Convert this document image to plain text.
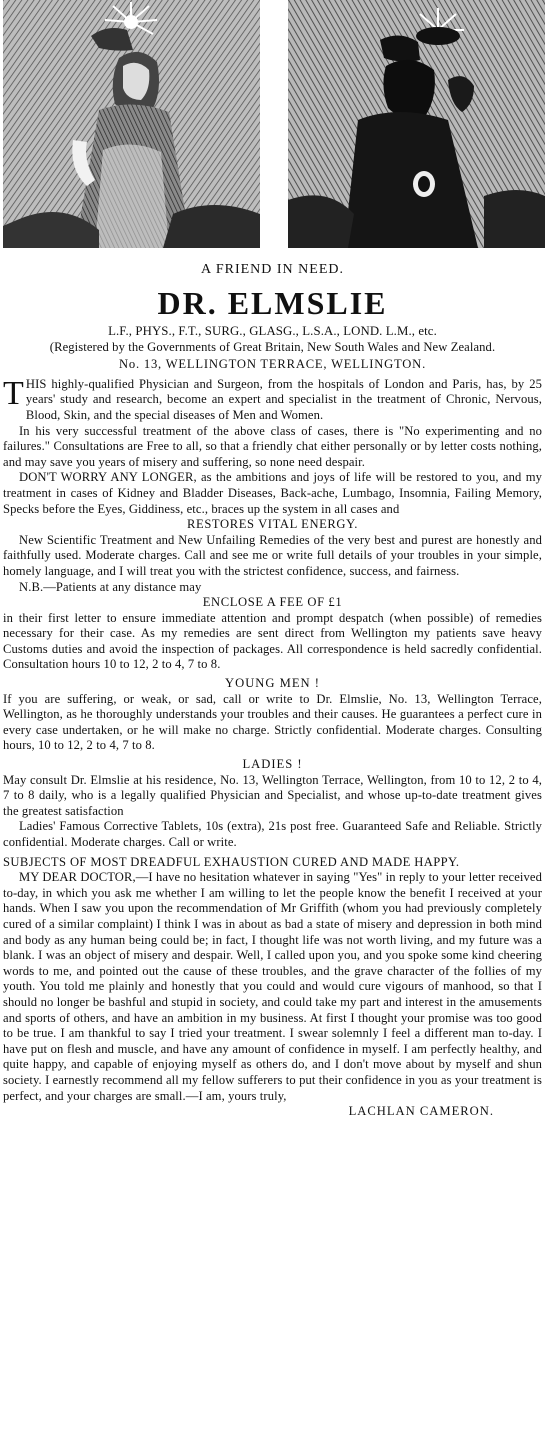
A FRIEND IN NEED.
DR. ELMSLIE
L.F., PHYS., F.T., SURG., GLASG., L.S.A., LOND. L.M., etc.
(Registered by the Governments of Great Britain, New South Wales and New Zealand.
No. 13, WELLINGTON TERRACE, WELLINGTON.

THIS highly-qualified Physician and Surgeon, from the hospitals of London and Paris, has, by 25 years' study and research, become an expert and specialist in the treatment of Chronic, Nervous, Blood, Skin, and the special diseases of Men and Women.

In his very successful treatment of the above class of cases, there is "No experimenting and no failures." Consultations are Free to all, so that a friendly chat either personally or by letter costs nothing, and may save you years of misery and suffering, so none need despair.

DON'T WORRY ANY LONGER, as the ambitions and joys of life will be restored to you, and my treatment in cases of Kidney and Bladder Diseases, Back-ache, Lumbago, Insomnia, Failing Memory, Specks before the Eyes, Giddiness, etc., braces up the system in all cases and

RESTORES VITAL ENERGY.

New Scientific Treatment and New Unfailing Remedies of the very best and purest are honestly and faithfully used. Moderate charges. Call and see me or write full details of your troubles in your simple, homely language, and I will treat you with the strictest confidence, success, and fairness.

N.B.—Patients at any distance may

ENCLOSE A FEE OF £1

in their first letter to ensure immediate attention and prompt despatch (when possible) of remedies necessary for their case. As my remedies are sent direct from Wellington my patients save heavy Customs duties and avoid the inspection of packages. All correspondence is held sacredly confidential. Consultation hours 10 to 12, 2 to 4, 7 to 8.

YOUNG MEN !

If you are suffering, or weak, or sad, call or write to Dr. Elmslie, No. 13, Wellington Terrace, Wellington, as he thoroughly understands your troubles and their causes. He guarantees a perfect cure in every case undertaken, or he will make no charge. Strictly confidential. Moderate charges. Consulting hours, 10 to 12, 2 to 4, 7 to 8.

LADIES !

May consult Dr. Elmslie at his residence, No. 13, Wellington Terrace, Wellington, from 10 to 12, 2 to 4, 7 to 8 daily, who is a legally qualified Physician and Specialist, and whose up-to-date treatment gives the greatest satisfaction

Ladies' Famous Corrective Tablets, 10s (extra), 21s post free. Guaranteed Safe and Reliable. Strictly confidential. Moderate charges. Call or write.

SUBJECTS OF MOST DREADFUL EXHAUSTION CURED AND MADE HAPPY.

MY DEAR DOCTOR,—I have no hesitation whatever in saying "Yes" in reply to your letter received to-day, in which you ask me whether I am willing to let the people know the benefit I received at your hands. When I saw you upon the recommendation of Mr Griffith (whom you had previously completely cured of a similar complaint) I think I was in about as bad a state of misery and depression in both mind and body as any human being could be; in fact, I thought life was not worth living, and my future was a blank. I was an object of misery and despair. Well, I called upon you, and you spoke some kind cheering words to me, and pointed out the cause of these troubles, and the grave character of the follies of my youth. You told me plainly and honestly that you could and would cure vigours of manhood, so that I should no longer be bashful and stupid in society, and could take my part and interest in the amusements and sports of others, and have an ambition in my business. At first I thought your promise was too good to be true. I am thankful to say I tried your treatment. I swear solemnly I feel a different man to-day. I have put on flesh and muscle, and have any amount of confidence in myself. I am perfectly healthy, and quite happy, and capable of enjoying myself as others do, and I don't move about by myself and shun society. I earnestly recommend all my fellow sufferers to put their confidence in you as your treatment is perfect, and your charges are small.—I am, yours truly,

LACHLAN CAMERON.
